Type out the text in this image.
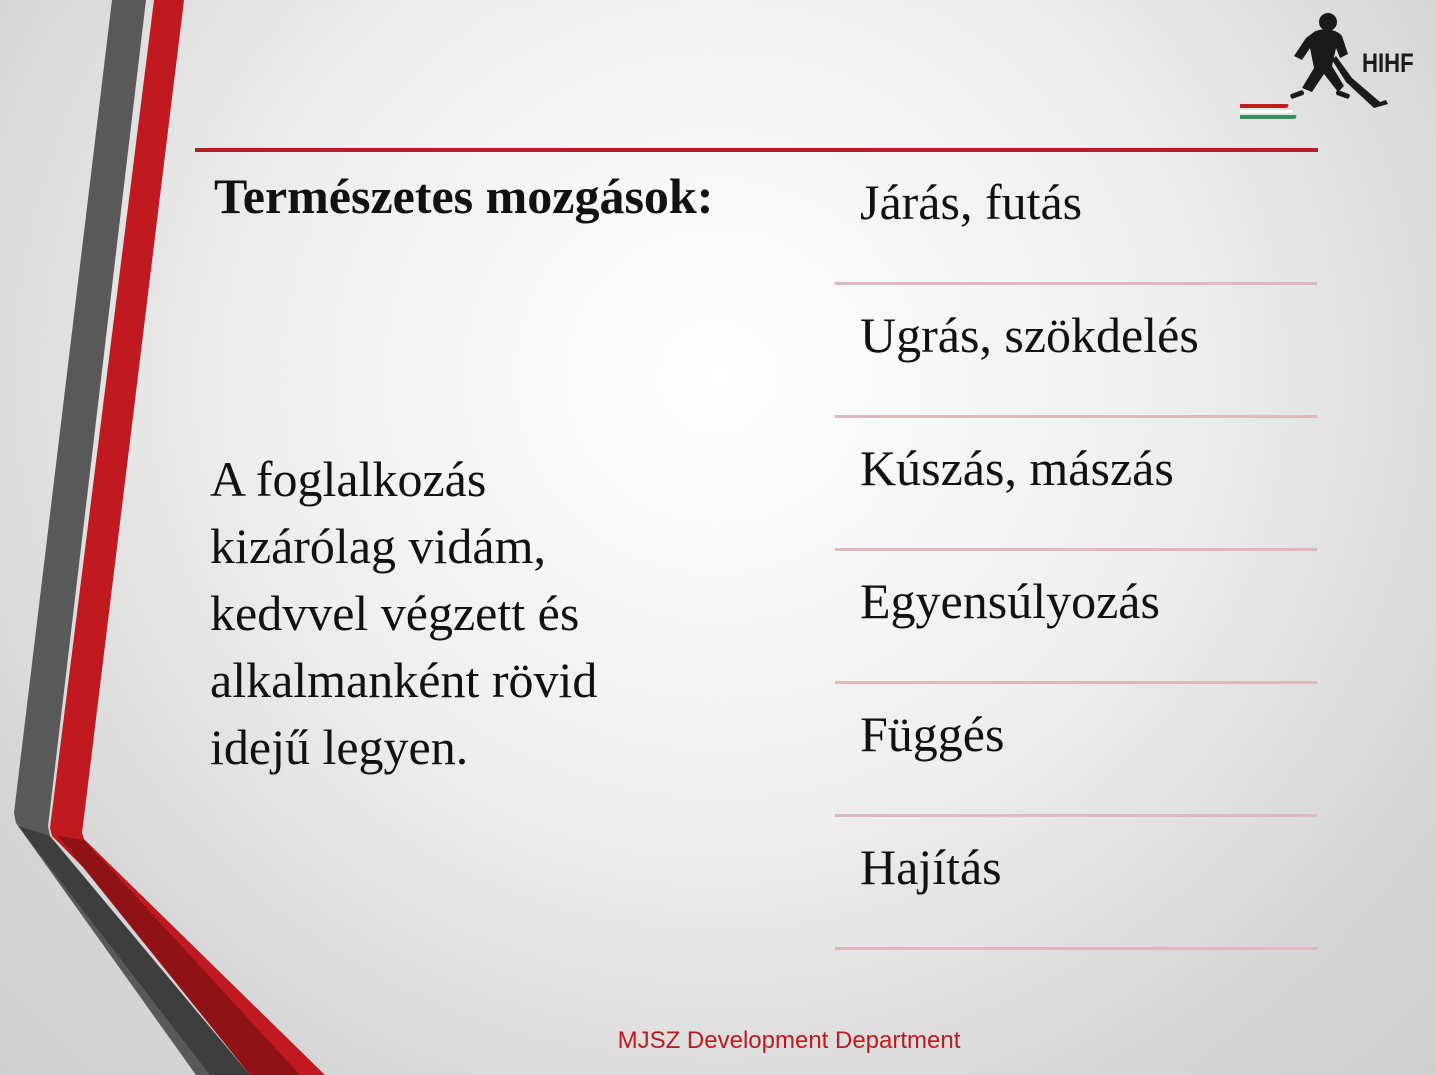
HIHF
Természetes mozgások:
A foglalkozás
kizárólag vidám,
kedvvel végzett és
alkalmanként rövid
idejű legyen.
Járás, futás
Ugrás, szökdelés
Kúszás, mászás
Egyensúlyozás
Függés
Hajítás
MJSZ Development Department
